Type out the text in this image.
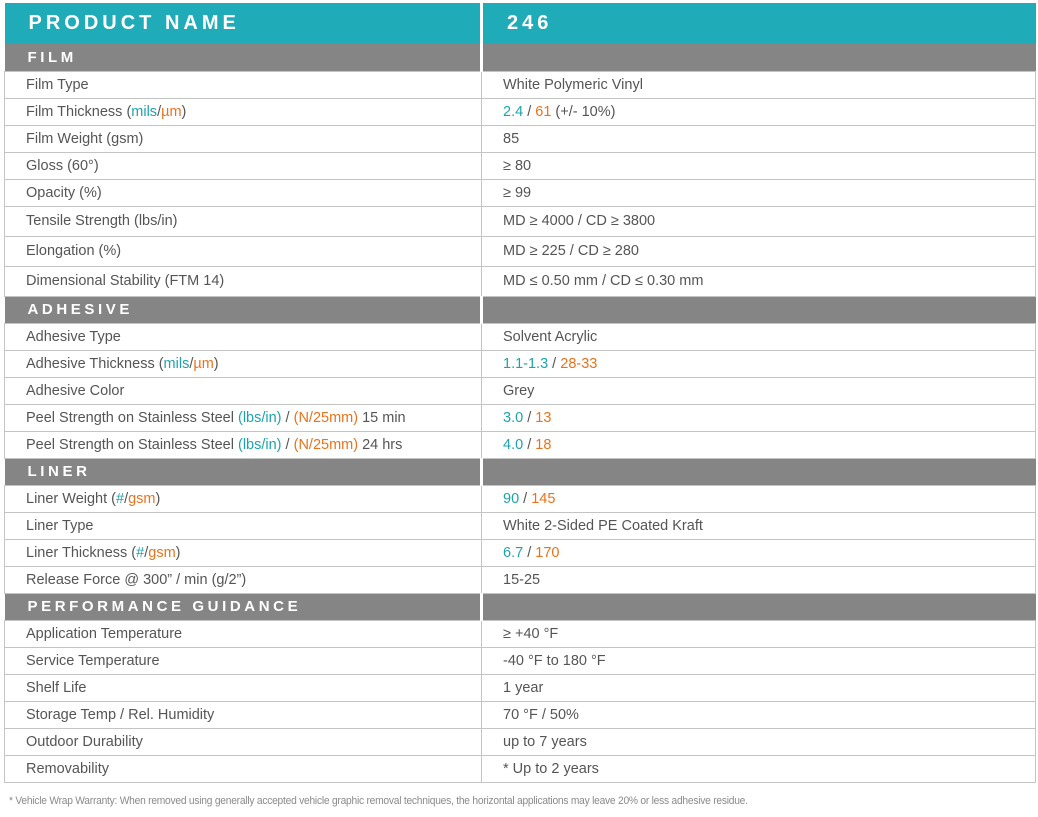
PRODUCT NAME	246
FILM	
Film Type	White Polymeric Vinyl
Film Thickness (mils/µm)	2.4 / 61 (+/- 10%)
Film Weight (gsm)	85
Gloss (60°)	≥ 80
Opacity (%)	≥ 99
Tensile Strength (lbs/in)	MD ≥ 4000 / CD ≥ 3800
Elongation (%)	MD ≥ 225 / CD ≥ 280
Dimensional Stability (FTM 14)	MD ≤ 0.50 mm / CD ≤ 0.30 mm
ADHESIVE	
Adhesive Type	Solvent Acrylic
Adhesive Thickness (mils/µm)	1.1-1.3 / 28-33
Adhesive Color	Grey
Peel Strength on Stainless Steel (lbs/in) / (N/25mm) 15 min	3.0 / 13
Peel Strength on Stainless Steel (lbs/in) / (N/25mm) 24 hrs	4.0 / 18
LINER	
Liner Weight (#/gsm)	90 / 145
Liner Type	White 2-Sided PE Coated Kraft
Liner Thickness (#/gsm)	6.7 / 170
Release Force @ 300” / min (g/2”)	15-25
PERFORMANCE GUIDANCE	
Application Temperature	≥ +40 °F
Service Temperature	-40 °F to 180 °F
Shelf Life	1 year
Storage Temp / Rel. Humidity	70 °F / 50%
Outdoor Durability	up to 7 years
Removability	* Up to 2 years
* Vehicle Wrap Warranty: When removed using generally accepted vehicle graphic removal techniques, the horizontal applications may leave 20% or less adhesive residue.
